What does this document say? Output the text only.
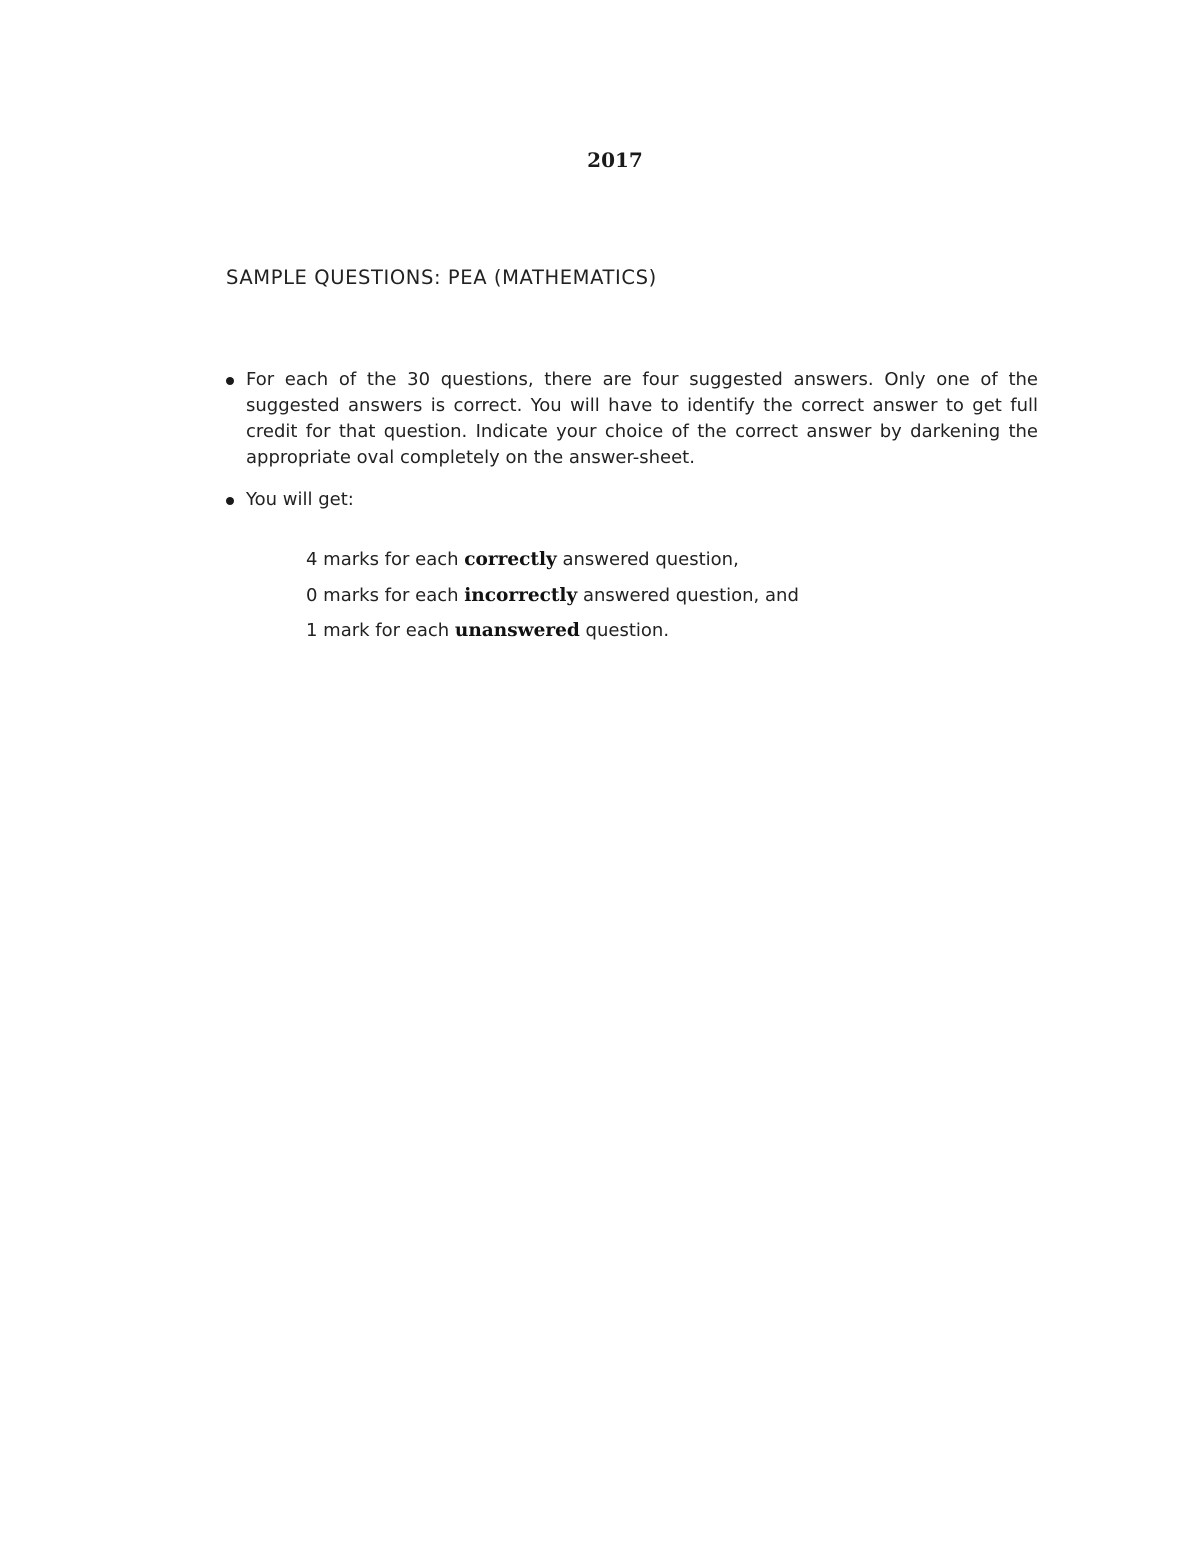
2017
SAMPLE QUESTIONS: PEA (MATHEMATICS)
For each of the 30 questions, there are four suggested answers. Only one of the suggested answers is correct. You will have to identify the correct answer to get full credit for that question. Indicate your choice of the correct answer by darkening the appropriate oval completely on the answer-sheet.
You will get:
4 marks for each correctly answered question,
0 marks for each incorrectly answered question, and
1 mark for each unanswered question.
